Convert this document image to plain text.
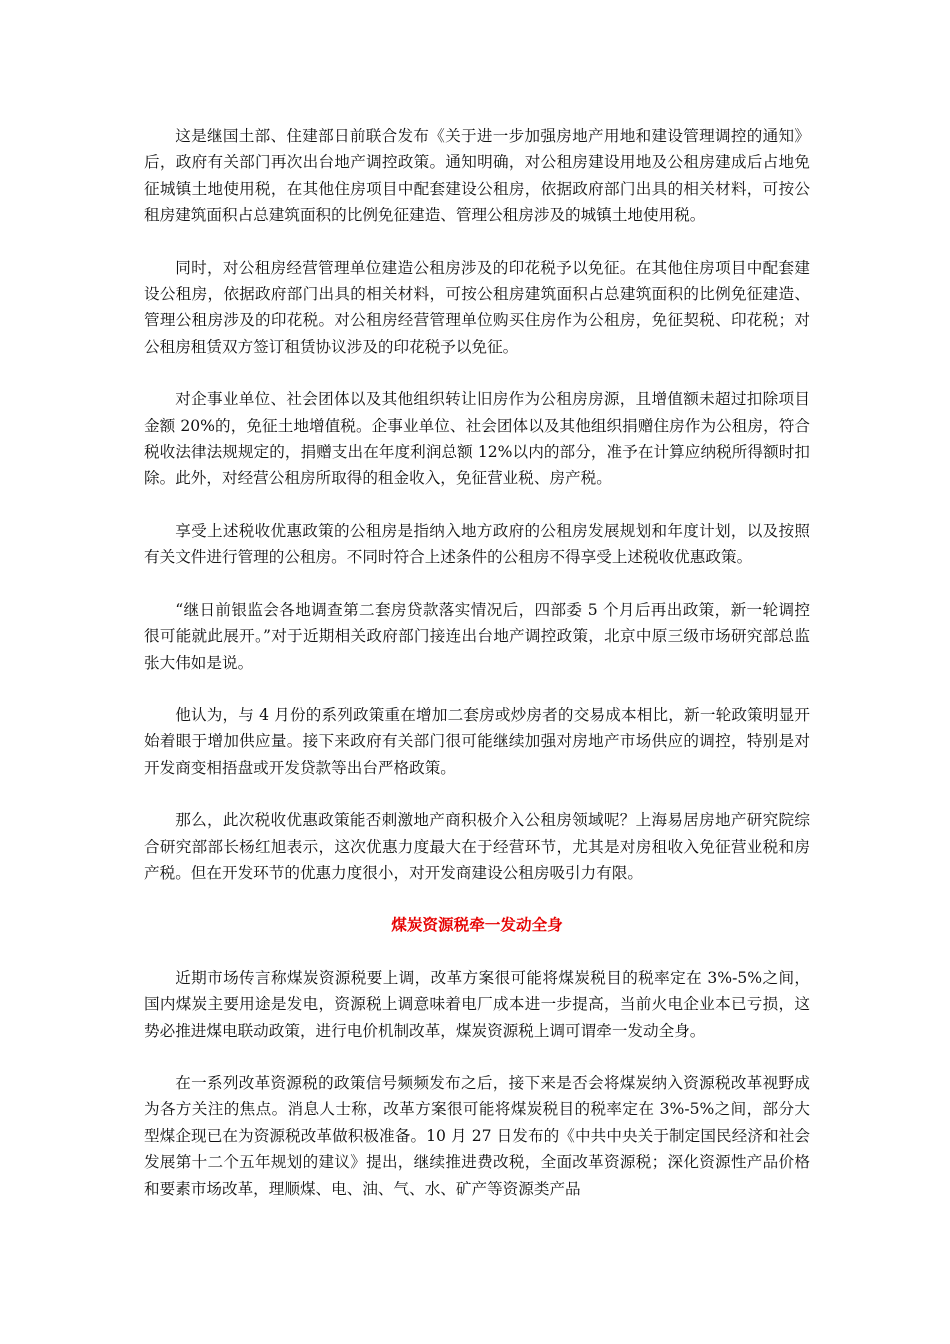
这是继国土部、住建部日前联合发布《关于进一步加强房地产用地和建设管理调控的通知》后，政府有关部门再次出台地产调控政策。通知明确，对公租房建设用地及公租房建成后占地免征城镇土地使用税，在其他住房项目中配套建设公租房，依据政府部门出具的相关材料，可按公租房建筑面积占总建筑面积的比例免征建造、管理公租房涉及的城镇土地使用税。

同时，对公租房经营管理单位建造公租房涉及的印花税予以免征。在其他住房项目中配套建设公租房，依据政府部门出具的相关材料，可按公租房建筑面积占总建筑面积的比例免征建造、管理公租房涉及的印花税。对公租房经营管理单位购买住房作为公租房，免征契税、印花税；对公租房租赁双方签订租赁协议涉及的印花税予以免征。

对企事业单位、社会团体以及其他组织转让旧房作为公租房房源，且增值额未超过扣除项目金额 20%的，免征土地增值税。企事业单位、社会团体以及其他组织捐赠住房作为公租房，符合税收法律法规规定的，捐赠支出在年度利润总额 12%以内的部分，准予在计算应纳税所得额时扣除。此外，对经营公租房所取得的租金收入，免征营业税、房产税。

享受上述税收优惠政策的公租房是指纳入地方政府的公租房发展规划和年度计划，以及按照有关文件进行管理的公租房。不同时符合上述条件的公租房不得享受上述税收优惠政策。

“继日前银监会各地调查第二套房贷款落实情况后，四部委 5 个月后再出政策，新一轮调控很可能就此展开。”对于近期相关政府部门接连出台地产调控政策，北京中原三级市场研究部总监张大伟如是说。

他认为，与 4 月份的系列政策重在增加二套房或炒房者的交易成本相比，新一轮政策明显开始着眼于增加供应量。接下来政府有关部门很可能继续加强对房地产市场供应的调控，特别是对开发商变相捂盘或开发贷款等出台严格政策。

那么，此次税收优惠政策能否刺激地产商积极介入公租房领域呢？上海易居房地产研究院综合研究部部长杨红旭表示，这次优惠力度最大在于经营环节，尤其是对房租收入免征营业税和房产税。但在开发环节的优惠力度很小，对开发商建设公租房吸引力有限。

煤炭资源税牵一发动全身

近期市场传言称煤炭资源税要上调，改革方案很可能将煤炭税目的税率定在 3%-5%之间，国内煤炭主要用途是发电，资源税上调意味着电厂成本进一步提高，当前火电企业本已亏损，这势必推进煤电联动政策，进行电价机制改革，煤炭资源税上调可谓牵一发动全身。

在一系列改革资源税的政策信号频频发布之后，接下来是否会将煤炭纳入资源税改革视野成为各方关注的焦点。消息人士称，改革方案很可能将煤炭税目的税率定在 3%-5%之间，部分大型煤企现已在为资源税改革做积极准备。10 月 27 日发布的《中共中央关于制定国民经济和社会发展第十二个五年规划的建议》提出，继续推进费改税，全面改革资源税；深化资源性产品价格和要素市场改革，理顺煤、电、油、气、水、矿产等资源类产品
